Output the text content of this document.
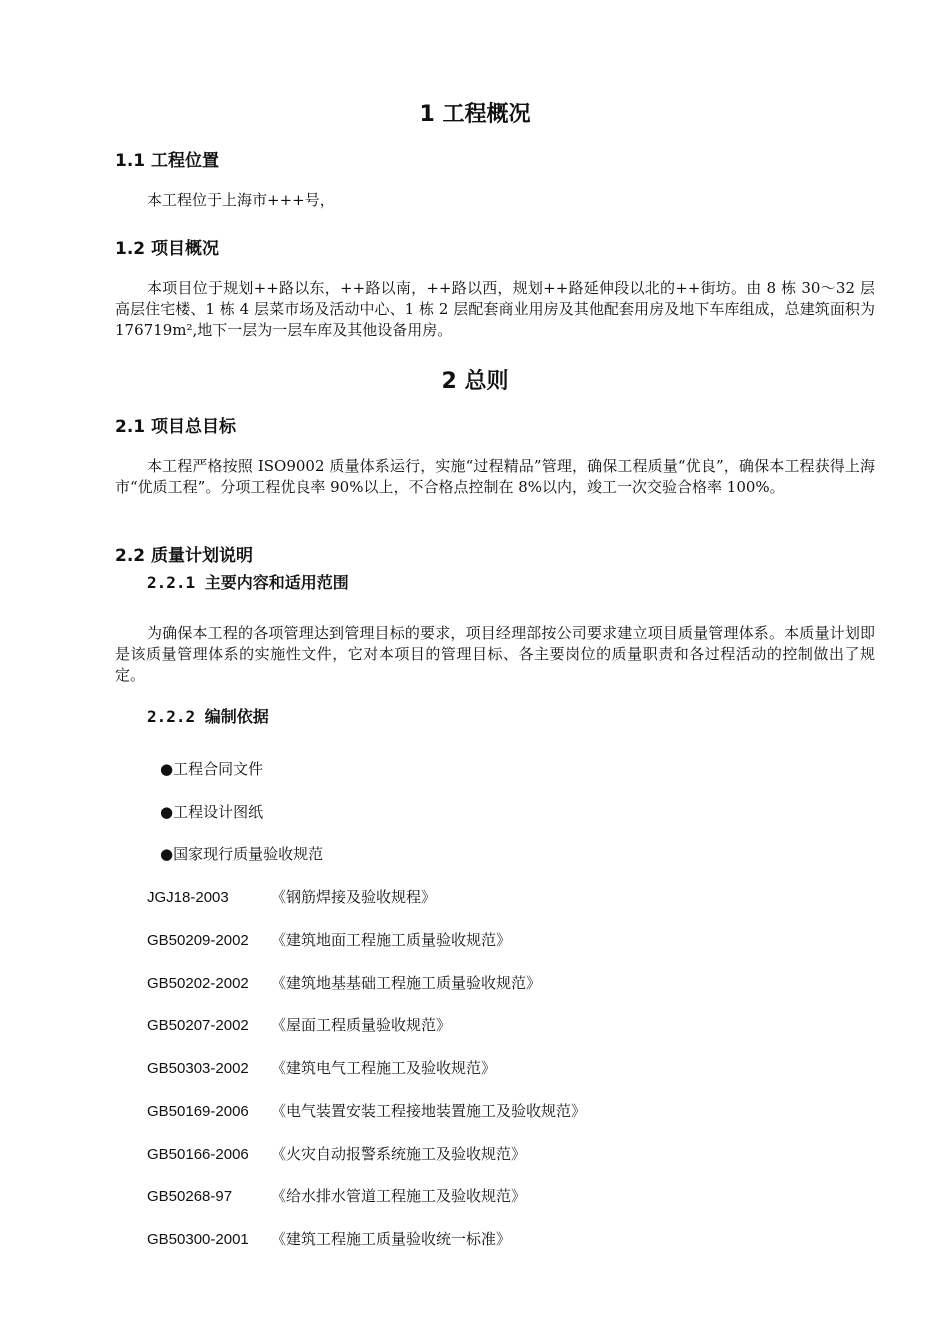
1 工程概况
1.1 工程位置
本工程位于上海市+++号，
1.2 项目概况
本项目位于规划++路以东，++路以南，++路以西，规划++路延伸段以北的++街坊。由 8 栋 30～32 层高层住宅楼、1 栋 4 层菜市场及活动中心、1 栋 2 层配套商业用房及其他配套用房及地下车库组成，总建筑面积为 176719m²,地下一层为一层车库及其他设备用房。
2 总则
2.1 项目总目标
本工程严格按照 ISO9002 质量体系运行，实施“过程精品”管理，确保工程质量“优良”，确保本工程获得上海市“优质工程”。分项工程优良率 90%以上，不合格点控制在 8%以内，竣工一次交验合格率 100%。
2.2 质量计划说明
2.2.1 主要内容和适用范围
为确保本工程的各项管理达到管理目标的要求，项目经理部按公司要求建立项目质量管理体系。本质量计划即是该质量管理体系的实施性文件，它对本项目的管理目标、各主要岗位的质量职责和各过程活动的控制做出了规定。
2.2.2 编制依据
●工程合同文件
●工程设计图纸
●国家现行质量验收规范
JGJ18-2003	《钢筋焊接及验收规程》
GB50209-2002 《建筑地面工程施工质量验收规范》
GB50202-2002 《建筑地基基础工程施工质量验收规范》
GB50207-2002 《屋面工程质量验收规范》
GB50303-2002 《建筑电气工程施工及验收规范》
GB50169-2006 《电气装置安装工程接地装置施工及验收规范》
GB50166-2006 《火灾自动报警系统施工及验收规范》
GB50268-97	《给水排水管道工程施工及验收规范》
GB50300-2001 《建筑工程施工质量验收统一标准》
